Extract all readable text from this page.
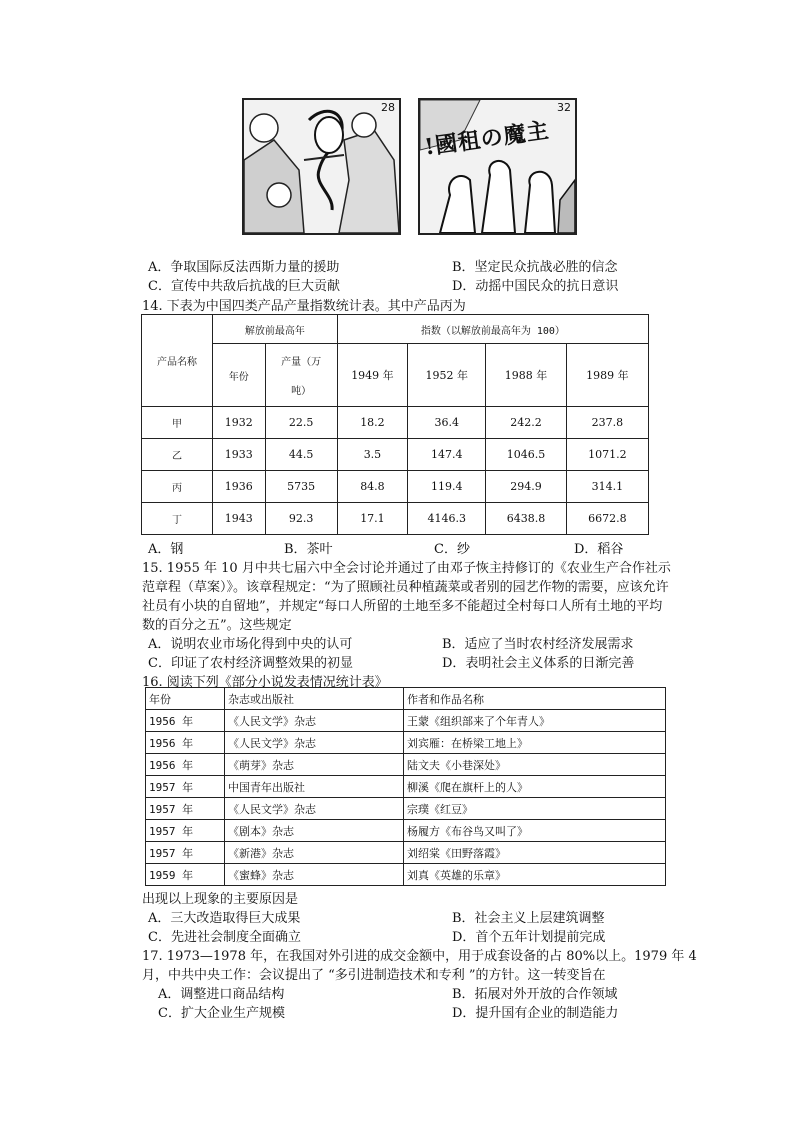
28
!國租の魔主
32
A．争取国际反法西斯力量的援助	B．坚定民众抗战必胜的信念
C．宣传中共敌后抗战的巨大贡献	D．动摇中国民众的抗日意识
14. 下表为中国四类产品产量指数统计表。其中产品丙为
产品名称	解放前最高年		指数（以解放前最高年为 100）			
	年份	产量（万
吨）	1949 年	1952 年	1988 年	1989 年
甲	1932	22.5	18.2	36.4	242.2	237.8
乙	1933	44.5	3.5	147.4	1046.5	1071.2
丙	1936	5735	84.8	119.4	294.9	314.1
丁	1943	92.3	17.1	4146.3	6438.8	6672.8
A．钢	B．茶叶	C．纱	D．稻谷
15. 1955 年 10 月中共七届六中全会讨论并通过了由邓子恢主持修订的《农业生产合作社示
范章程（草案）》。该章程规定：“为了照顾社员种植蔬菜或者别的园艺作物的需要，应该允许
社员有小块的自留地”，并规定“每口人所留的土地至多不能超过全村每口人所有土地的平均
数的百分之五”。这些规定
A．说明农业市场化得到中央的认可	B．适应了当时农村经济发展需求
C．印证了农村经济调整效果的初显	D．表明社会主义体系的日渐完善
16. 阅读下列《部分小说发表情况统计表》
年份	杂志或出版社	作者和作品名称
1956 年	《人民文学》杂志	王蒙《组织部来了个年青人》
1956 年	《人民文学》杂志	刘宾雁：在桥梁工地上》
1956 年	《萌芽》杂志	陆文夫《小巷深处》
1957 年	中国青年出版社	柳溪《爬在旗杆上的人》
1957 年	《人民文学》杂志	宗璞《红豆》
1957 年	《剧本》杂志	杨履方《布谷鸟又叫了》
1957 年	《新港》杂志	刘绍棠《田野落霞》
1959 年	《蜜蜂》杂志	刘真《英雄的乐章》
出现以上现象的主要原因是
A．三大改造取得巨大成果	B．社会主义上层建筑调整
C．先进社会制度全面确立	D．首个五年计划提前完成
17. 1973—1978 年，在我国对外引进的成交金额中，用于成套设备的占 80%以上。1979 年 4
月，中共中央工作：会议提出了 “多引进制造技术和专利 ”的方针。这一转变旨在
A．调整进口商品结构	B．拓展对外开放的合作领域
C．扩大企业生产规模	D．提升国有企业的制造能力
